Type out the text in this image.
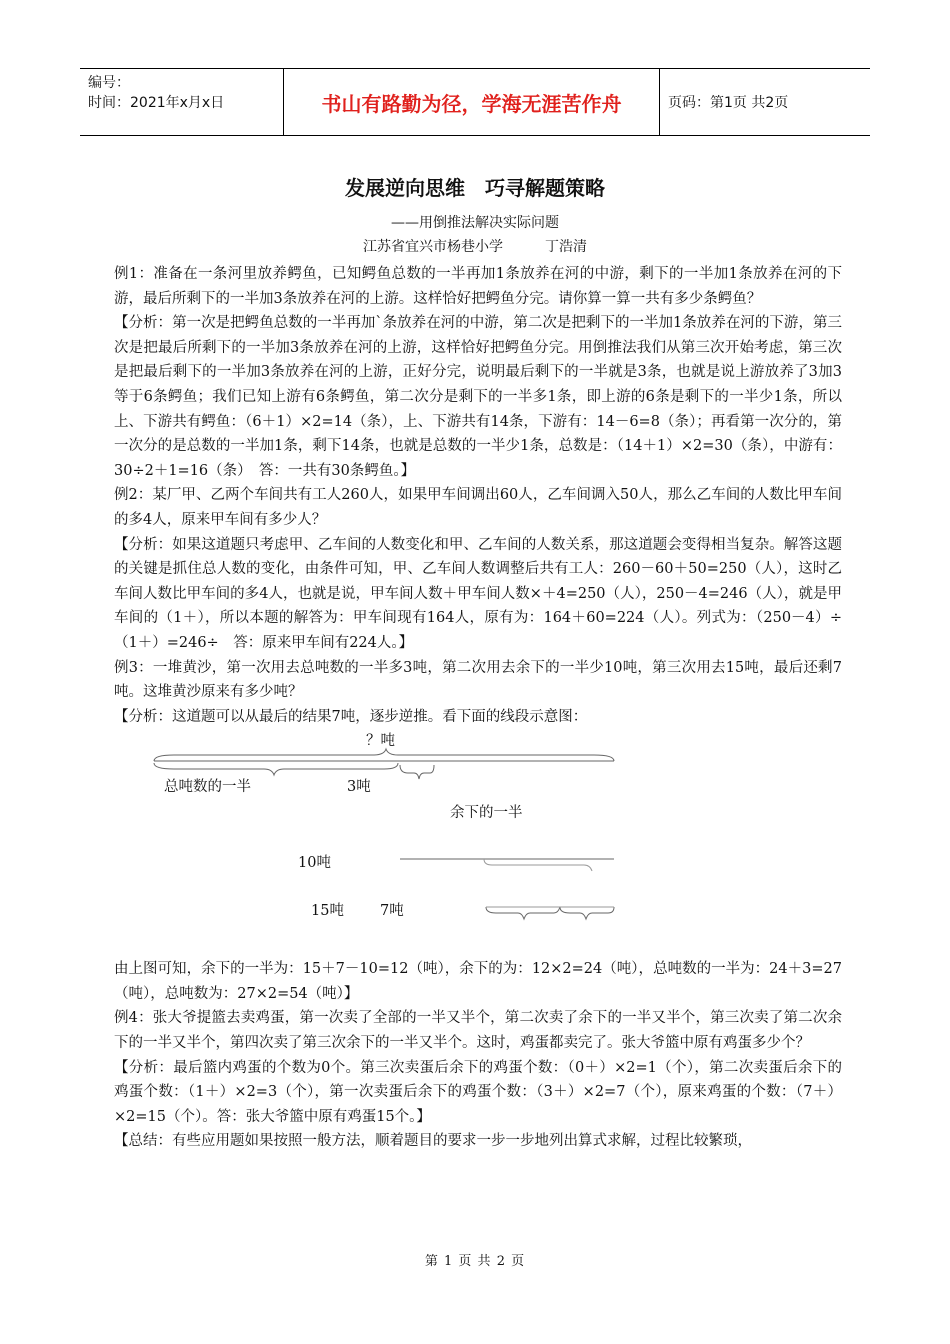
编号：
时间：2021年x月x日	书山有路勤为径，学海无涯苦作舟	页码：第1页 共2页
发展逆向思维　巧寻解题策略
——用倒推法解决实际问题
江苏省宜兴市杨巷小学　　　丁浩清

例1：准备在一条河里放养鳄鱼，已知鳄鱼总数的一半再加1条放养在河的中游，剩下的一半加1条放养在河的下游，最后所剩下的一半加3条放养在河的上游。这样恰好把鳄鱼分完。请你算一算一共有多少条鳄鱼？

【分析：第一次是把鳄鱼总数的一半再加`条放养在河的中游，第二次是把剩下的一半加1条放养在河的下游，第三次是把最后所剩下的一半加3条放养在河的上游，这样恰好把鳄鱼分完。用倒推法我们从第三次开始考虑，第三次是把最后剩下的一半加3条放养在河的上游，正好分完，说明最后剩下的一半就是3条，也就是说上游放养了3加3等于6条鳄鱼；我们已知上游有6条鳄鱼，第二次分是剩下的一半多1条，即上游的6条是剩下的一半少1条，所以上、下游共有鳄鱼：（6＋1）×2=14（条），上、下游共有14条，下游有：14－6=8（条）；再看第一次分的，第一次分的是总数的一半加1条，剩下14条，也就是总数的一半少1条，总数是：（14＋1）×2=30（条），中游有：30÷2＋1=16（条）　答：一共有30条鳄鱼。】

例2：某厂甲、乙两个车间共有工人260人，如果甲车间调出60人，乙车间调入50人，那么乙车间的人数比甲车间的多4人，原来甲车间有多少人？

【分析：如果这道题只考虑甲、乙车间的人数变化和甲、乙车间的人数关系，那这道题会变得相当复杂。解答这题的关键是抓住总人数的变化，由条件可知，甲、乙车间人数调整后共有工人：260－60＋50=250（人），这时乙车间人数比甲车间的多4人，也就是说，甲车间人数＋甲车间人数×＋4=250（人），250－4=246（人），就是甲车间的（1＋），所以本题的解答为：甲车间现有164人，原有为：164＋60=224（人）。列式为：（250－4）÷（1＋）=246÷　答：原来甲车间有224人。】

例3：一堆黄沙，第一次用去总吨数的一半多3吨，第二次用去余下的一半少10吨，第三次用去15吨，最后还剩7吨。这堆黄沙原来有多少吨？

【分析：这道题可以从最后的结果7吨，逐步逆推。看下面的线段示意图：

？吨
总吨数的一半	3吨
余下的一半
10吨
15吨 7吨

由上图可知，余下的一半为：15＋7－10=12（吨），余下的为：12×2=24（吨），总吨数的一半为：24＋3=27（吨），总吨数为：27×2=54（吨）】

例4：张大爷提篮去卖鸡蛋，第一次卖了全部的一半又半个，第二次卖了余下的一半又半个，第三次卖了第二次余下的一半又半个，第四次卖了第三次余下的一半又半个。这时，鸡蛋都卖完了。张大爷篮中原有鸡蛋多少个？

【分析：最后篮内鸡蛋的个数为0个。第三次卖蛋后余下的鸡蛋个数：（0＋）×2=1（个），第二次卖蛋后余下的鸡蛋个数：（1＋）×2=3（个），第一次卖蛋后余下的鸡蛋个数：（3＋）×2=7（个），原来鸡蛋的个数：（7＋）×2=15（个）。答：张大爷篮中原有鸡蛋15个。】

【总结：有些应用题如果按照一般方法，顺着题目的要求一步一步地列出算式求解，过程比较繁琐，

第 1 页 共 2 页
